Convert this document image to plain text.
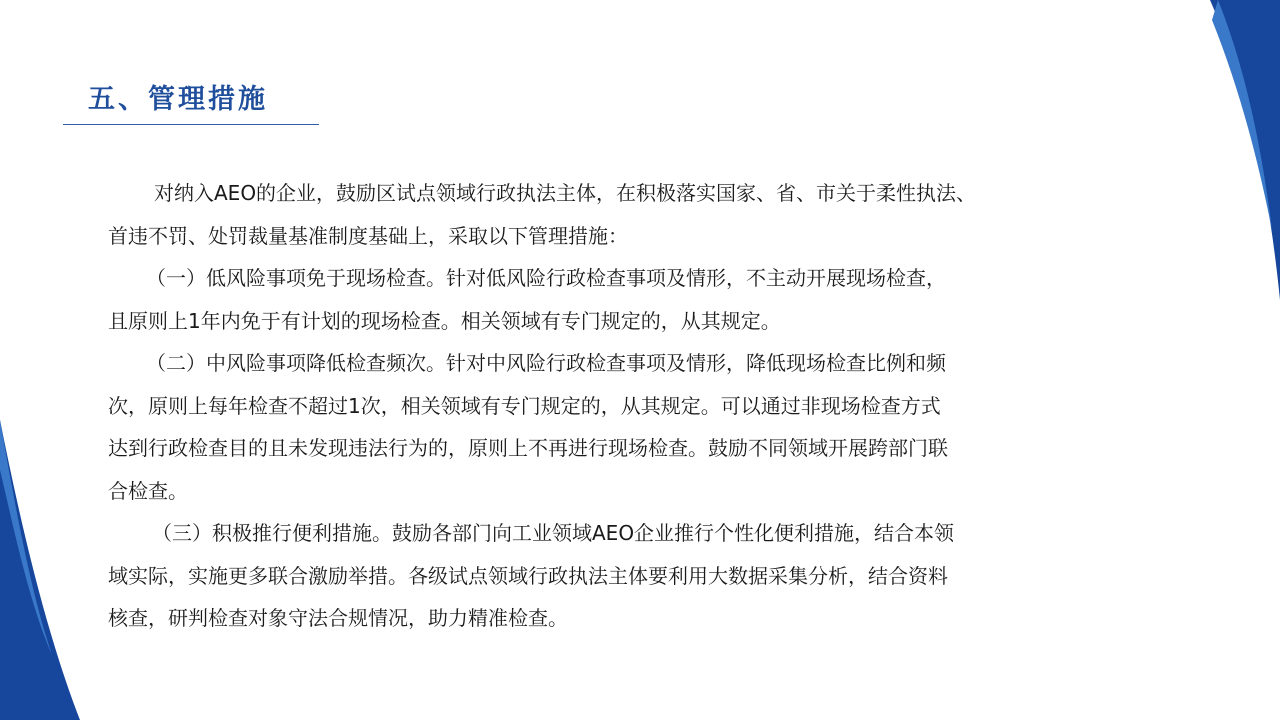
五、管理措施

对纳入AEO的企业，鼓励区试点领域行政执法主体，在积极落实国家、省、市关于柔性执法、

首违不罚、处罚裁量基准制度基础上，采取以下管理措施：

（一）低风险事项免于现场检查。针对低风险行政检查事项及情形，不主动开展现场检查，

且原则上1年内免于有计划的现场检查。相关领域有专门规定的，从其规定。

（二）中风险事项降低检查频次。针对中风险行政检查事项及情形，降低现场检查比例和频

次，原则上每年检查不超过1次，相关领域有专门规定的，从其规定。可以通过非现场检查方式

达到行政检查目的且未发现违法行为的，原则上不再进行现场检查。鼓励不同领域开展跨部门联

合检查。

（三）积极推行便利措施。鼓励各部门向工业领域AEO企业推行个性化便利措施，结合本领

域实际，实施更多联合激励举措。各级试点领域行政执法主体要利用大数据采集分析，结合资料

核查，研判检查对象守法合规情况，助力精准检查。
